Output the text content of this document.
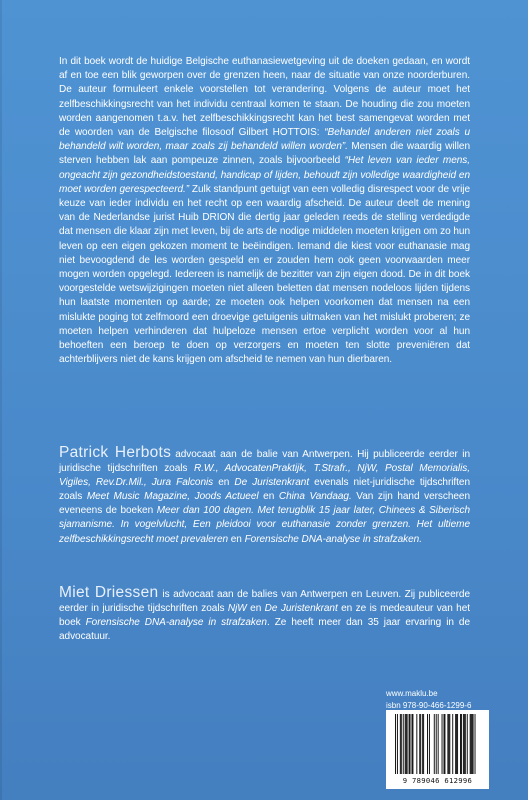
In dit boek wordt de huidige Belgische euthanasiewetgeving uit de doeken gedaan, en wordt af en toe een blik geworpen over de grenzen heen, naar de situatie van onze noorderburen. De auteur formuleert enkele voorstellen tot verandering. Volgens de auteur moet het zelfbeschikkingsrecht van het individu centraal komen te staan. De houding die zou moeten worden aangenomen t.a.v. het zelfbeschikkingsrecht kan het best samengevat worden met de woorden van de Belgische filosoof Gilbert HOTTOIS: “Behandel anderen niet zoals u behandeld wilt worden, maar zoals zij behandeld willen worden”. Mensen die waardig willen sterven hebben lak aan pompeuze zinnen, zoals bijvoorbeeld “Het leven van ieder mens, ongeacht zijn gezondheidstoestand, handicap of lijden, behoudt zijn volledige waardigheid en moet worden gerespecteerd.” Zulk standpunt getuigt van een volledig disrespect voor de vrije keuze van ieder individu en het recht op een waardig afscheid. De auteur deelt de mening van de Nederlandse jurist Huib DRION die dertig jaar geleden reeds de stelling verdedigde dat mensen die klaar zijn met leven, bij de arts de nodige middelen moeten krijgen om zo hun leven op een eigen gekozen moment te beëindigen. Iemand die kiest voor euthanasie mag niet bevoogdend de les worden gespeld en er zouden hem ook geen voorwaarden meer mogen worden opgelegd. Iedereen is namelijk de bezitter van zijn eigen dood. De in dit boek voorgestelde wetswijzigingen moeten niet alleen beletten dat mensen nodeloos lijden tijdens hun laatste momenten op aarde; ze moeten ook helpen voorkomen dat mensen na een mislukte poging tot zelfmoord een droevige getuigenis uitmaken van het mislukt proberen; ze moeten helpen verhinderen dat hulpeloze mensen ertoe verplicht worden voor al hun behoeften een beroep te doen op verzorgers en moeten ten slotte preveniëren dat achterblijvers niet de kans krijgen om afscheid te nemen van hun dierbaren.

Patrick Herbots advocaat aan de balie van Antwerpen. Hij publiceerde eerder in juridische tijdschriften zoals R.W., AdvocatenPraktijk, T.Strafr., NjW, Postal Memorialis, Vigiles, Rev.Dr.Mil., Jura Falconis en De Juristenkrant evenals niet-juridische tijdschriften zoals Meet Music Magazine, Joods Actueel en China Vandaag. Van zijn hand verscheen eveneens de boeken Meer dan 100 dagen. Met terugblik 15 jaar later, Chinees & Siberisch sjamanisme. In vogelvlucht, Een pleidooi voor euthanasie zonder grenzen. Het ultieme zelfbeschikkingsrecht moet prevaleren en Forensische DNA-analyse in strafzaken.

Miet Driessen is advocaat aan de balies van Antwerpen en Leuven. Zij publiceerde eerder in juridische tijdschriften zoals NjW en De Juristenkrant en ze is medeauteur van het boek Forensische DNA-analyse in strafzaken. Ze heeft meer dan 35 jaar ervaring in de advocatuur.

www.maklu.be
isbn 978-90-466-1299-6
9 789046 612996
